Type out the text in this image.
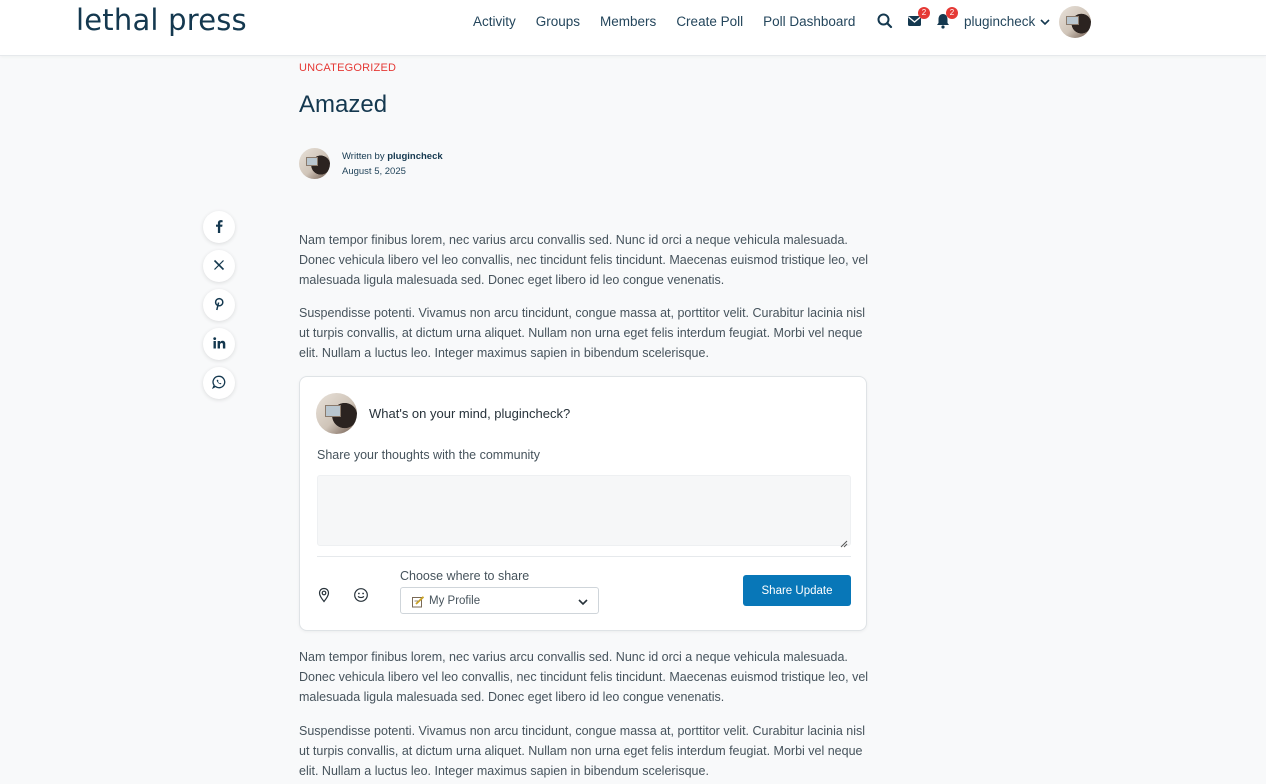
lethal press	Activity Groups Members Create Poll Poll Dashboard
2	2
plugincheck
UNCATEGORIZED
Amazed
Written by plugincheck
August 5, 2025

Nam tempor finibus lorem, nec varius arcu convallis sed. Nunc id orci a neque vehicula malesuada. Donec vehicula libero vel leo convallis, nec tincidunt felis tincidunt. Maecenas euismod tristique leo, vel malesuada ligula malesuada sed. Donec eget libero id leo congue venenatis.

Suspendisse potenti. Vivamus non arcu tincidunt, congue massa at, porttitor velit. Curabitur lacinia nisl ut turpis convallis, at dictum urna aliquet. Nullam non urna eget felis interdum feugiat. Morbi vel neque elit. Nullam a luctus leo. Integer maximus sapien in bibendum scelerisque.

What's on your mind, plugincheck?
Share your thoughts with the community
Choose where to share
My Profile
Share Update

Nam tempor finibus lorem, nec varius arcu convallis sed. Nunc id orci a neque vehicula malesuada. Donec vehicula libero vel leo convallis, nec tincidunt felis tincidunt. Maecenas euismod tristique leo, vel malesuada ligula malesuada sed. Donec eget libero id leo congue venenatis.

Suspendisse potenti. Vivamus non arcu tincidunt, congue massa at, porttitor velit. Curabitur lacinia nisl ut turpis convallis, at dictum urna aliquet. Nullam non urna eget felis interdum feugiat. Morbi vel neque elit. Nullam a luctus leo. Integer maximus sapien in bibendum scelerisque.
